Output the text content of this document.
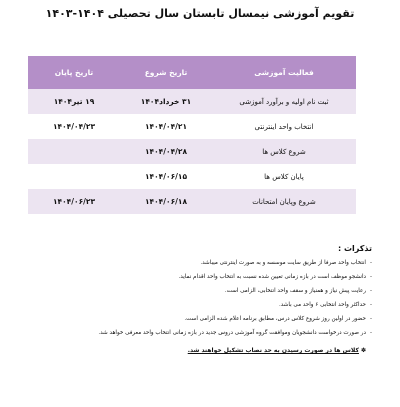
تقویم آموزشی نیمسال تابستان سال تحصیلی ۱۴۰۴-۱۴۰۳
فعالیت آموزشی	تاریخ شروع	تاریخ پایان
ثبت نام اولیه و برآورد آموزشی	۳۱ خرداد۱۴۰۴	۱۹ تیر۱۴۰۴
انتخاب واحد اینترنتی	۱۴۰۴/۰۴/۲۱	۱۴۰۴/۰۴/۲۳
شروع کلاس ها	۱۴۰۴/۰۴/۲۸	
پایان کلاس ها	۱۴۰۴/۰۶/۱۵	
شروع وپایان امتحانات	۱۴۰۴/۰۶/۱۸	۱۴۰۴/۰۶/۲۳
تذکرات :
-
انتخاب واحد صرفا از طریق سایت موسسه و به صورت اینترنتی میباشد.
-
دانشجو موظف است در بازه زمانی تعیین شده نسبت به انتخاب واحد اقدام نماید.
-
رعایت پیش نیاز و همنیاز و سقف واحد انتخابی، الزامی است.
-
حداکثر واحد انتخابی ۶ واحد می باشد.
-
حضور در اولین روز شروع کلاس درس، مطابق برنامه اعلام شده الزامی است.
-
در صورت درخواست دانشجویان وموافقت گروه آموزشی دروس جدید در بازه زمانی انتخاب واحد معرفی خواهد شد.
✽کلاس ها در صورت رسیدن به حد نصاب تشکیل خواهند شد.
